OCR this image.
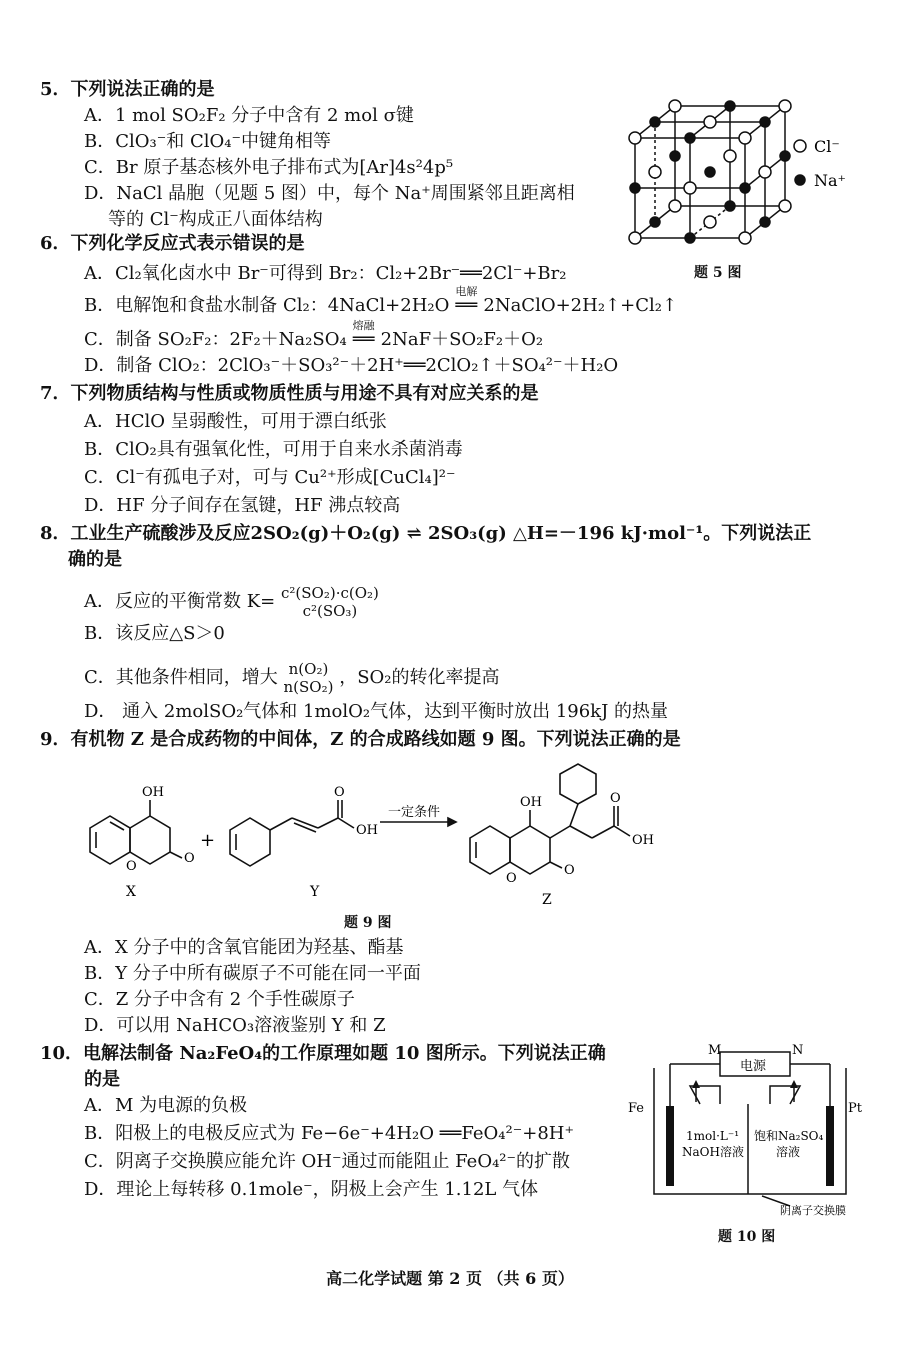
5．下列说法正确的是
A．1 mol SO₂F₂ 分子中含有 2 mol σ键
B．ClO₃⁻和 ClO₄⁻中键角相等
C．Br 原子基态核外电子排布式为[Ar]4s²4p⁵
D．NaCl 晶胞（见题 5 图）中，每个 Na⁺周围紧邻且距离相
等的 Cl⁻构成正八面体结构
Cl⁻
Na⁺
题 5 图
6．下列化学反应式表示错误的是
A．Cl₂氧化卤水中 Br⁻可得到 Br₂：Cl₂+2Br⁻══2Cl⁻+Br₂
B．电解饱和食盐水制备 Cl₂：4NaCl+2H₂O
电解
══ 2NaClO+2H₂↑+Cl₂↑
C．制备 SO₂F₂：2F₂＋Na₂SO₄
熔融
══ 2NaF＋SO₂F₂＋O₂
D．制备 ClO₂：2ClO₃⁻＋SO₃²⁻＋2H⁺══2ClO₂↑＋SO₄²⁻＋H₂O
7．下列物质结构与性质或物质性质与用途不具有对应关系的是
A．HClO 呈弱酸性，可用于漂白纸张
B．ClO₂具有强氧化性，可用于自来水杀菌消毒
C．Cl⁻有孤电子对，可与 Cu²⁺形成[CuCl₄]²⁻
D．HF 分子间存在氢键，HF 沸点较高
8．工业生产硫酸涉及反应2SO₂(g)＋O₂(g) ⇌ 2SO₃(g) △H=－196 kJ·mol⁻¹。下列说法正
确的是
A．反应的平衡常数 K= c²(SO₂)·c(O₂)
c²(SO₃)
B．该反应△S＞0
C．其他条件相同，增大 n(O₂)
n(SO₂) ，SO₂的转化率提高
D． 通入 2molSO₂气体和 1molO₂气体，达到平衡时放出 196kJ 的热量
9．有机物 Z 是合成药物的中间体，Z 的合成路线如题 9 图。下列说法正确的是
OH
O
O
+
O
OH
一定条件
OH
O
O
O
OH
X	Y	Z
题 9 图
A．X 分子中的含氧官能团为羟基、酯基
B．Y 分子中所有碳原子不可能在同一平面
C．Z 分子中含有 2 个手性碳原子
D．可以用 NaHCO₃溶液鉴别 Y 和 Z
10．电解法制备 Na₂FeO₄的工作原理如题 10 图所示。下列说法正确
的是
A．M 为电源的负极
B．阳极上的电极反应式为 Fe−6e⁻+4H₂O ══FeO₄²⁻+8H⁺
C．阴离子交换膜应能允许 OH⁻通过而能阻止 FeO₄²⁻的扩散
D．理论上每转移 0.1mole⁻，阴极上会产生 1.12L 气体
M	N
电源
Fe	Pt
1mol·L⁻¹
NaOH溶液
饱和Na₂SO₄
溶液
阴离子交换膜
题 10 图
高二化学试题 第 2 页 （共 6 页）
